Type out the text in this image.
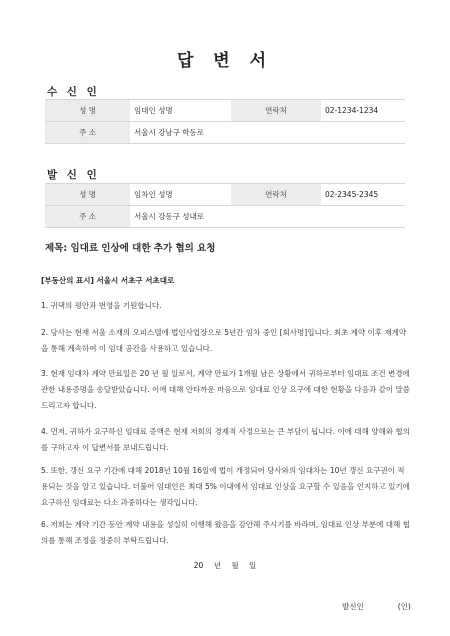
답 변 서
수 신 인
성 명	임대인 성명	연락처	02-1234-1234
주 소	서울시 강남구 학동로		
발 신 인
성 명	임차인 성명	연락처	02-2345-2345
주 소	서울시 강동구 성내로		
제목: 임대료 인상에 대한 추가 협의 요청
[부동산의 표시] 서울시 서초구 서초대로
1. 귀댁의 평안과 번영을 기원합니다.
2. 당사는 현재 서울 소재의 오피스텔에 법인사업장으로 5년간 임차 중인 [회사명]입니다. 최초 계약 이후 재계약을 통해 계속하여 이 임대 공간을 사용하고 있습니다.
3. 현재 임대차 계약 만료일은 20 년 월 일로서, 계약 만료가 1개월 남은 상황에서 귀하로부터 임대료 조건 변경에 관한 내용증명을 송달받았습니다. 이에 대해 안타까운 마음으로 임대료 인상 요구에 대한 현황을 다음과 같이 말씀드리고자 합니다.
4. 먼저, 귀하가 요구하신 임대료 증액은 현재 저희의 경제적 사정으로는 큰 부담이 됩니다. 이에 대해 양해와 협의를 구하고자 이 답변서를 보내드립니다.
5. 또한, 갱신 요구 기간에 대해 2018년 10월 16일에 법이 개정되어 당사와의 임대차는 10년 갱신 요구권이 적용되는 것을 알고 있습니다. 더불어 임대인은 최대 5% 이내에서 임대료 인상을 요구할 수 있음을 인지하고 있기에 요구하신 임대료는 다소 과중하다는 생각입니다.
6. 저희는 계약 기간 동안 계약 내용을 성실히 이행해 왔음을 감안해 주시기를 바라며, 임대료 인상 부분에 대해 협의를 통해 조정을 정중히 부탁드립니다.
20 년 월 일
발신인	(인)
